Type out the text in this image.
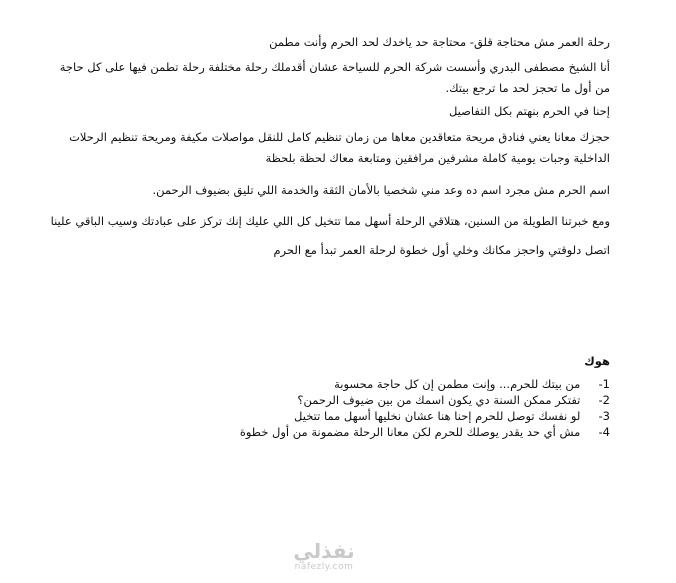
رحلة العمر مش محتاجة قلق- محتاجة حد ياخدك لحد الحرم وأنت مطمن
أنا الشيخ مصطفى البدري وأسست شركة الحرم للسياحة عشان أقدملك رحلة مختلفة رحلة تطمن فيها على كل حاجة من أول ما تحجز لحد ما ترجع بيتك.
إحنا في الحرم بنهتم بكل التفاصيل
حجزك معانا يعني فنادق مريحة متعاقدين معاها من زمان تنظيم كامل للنقل مواصلات مكيفة ومريحة تنظيم الرحلات الداخلية وجبات يومية كاملة مشرفين مرافقين ومتابعة معاك لحظة بلحظة
اسم الحرم مش مجرد اسم ده وعد مني شخصيا بالأمان الثقة والخدمة اللي تليق بضيوف الرحمن.
ومع خبرتنا الطويلة من السنين، هتلاقي الرحلة أسهل مما تتخيل كل اللي عليك إنك تركز على عبادتك وسيب الباقي علينا
اتصل دلوقتي واحجز مكانك وخلي أول خطوة لرحلة العمر تبدأ مع الحرم
هوك
1- من بيتك للحرم... وإنت مطمن إن كل حاجة محسوبة
2- تفتكر ممكن السنة دي يكون اسمك من بين ضيوف الرحمن؟
3- لو نفسك توصل للحرم إحنا هنا عشان نخليها أسهل مما تتخيل
4- مش أي حد يقدر يوصلك للحرم لكن معانا الرحلة مضمونة من أول خطوة
نفذلي
nafezly.com
